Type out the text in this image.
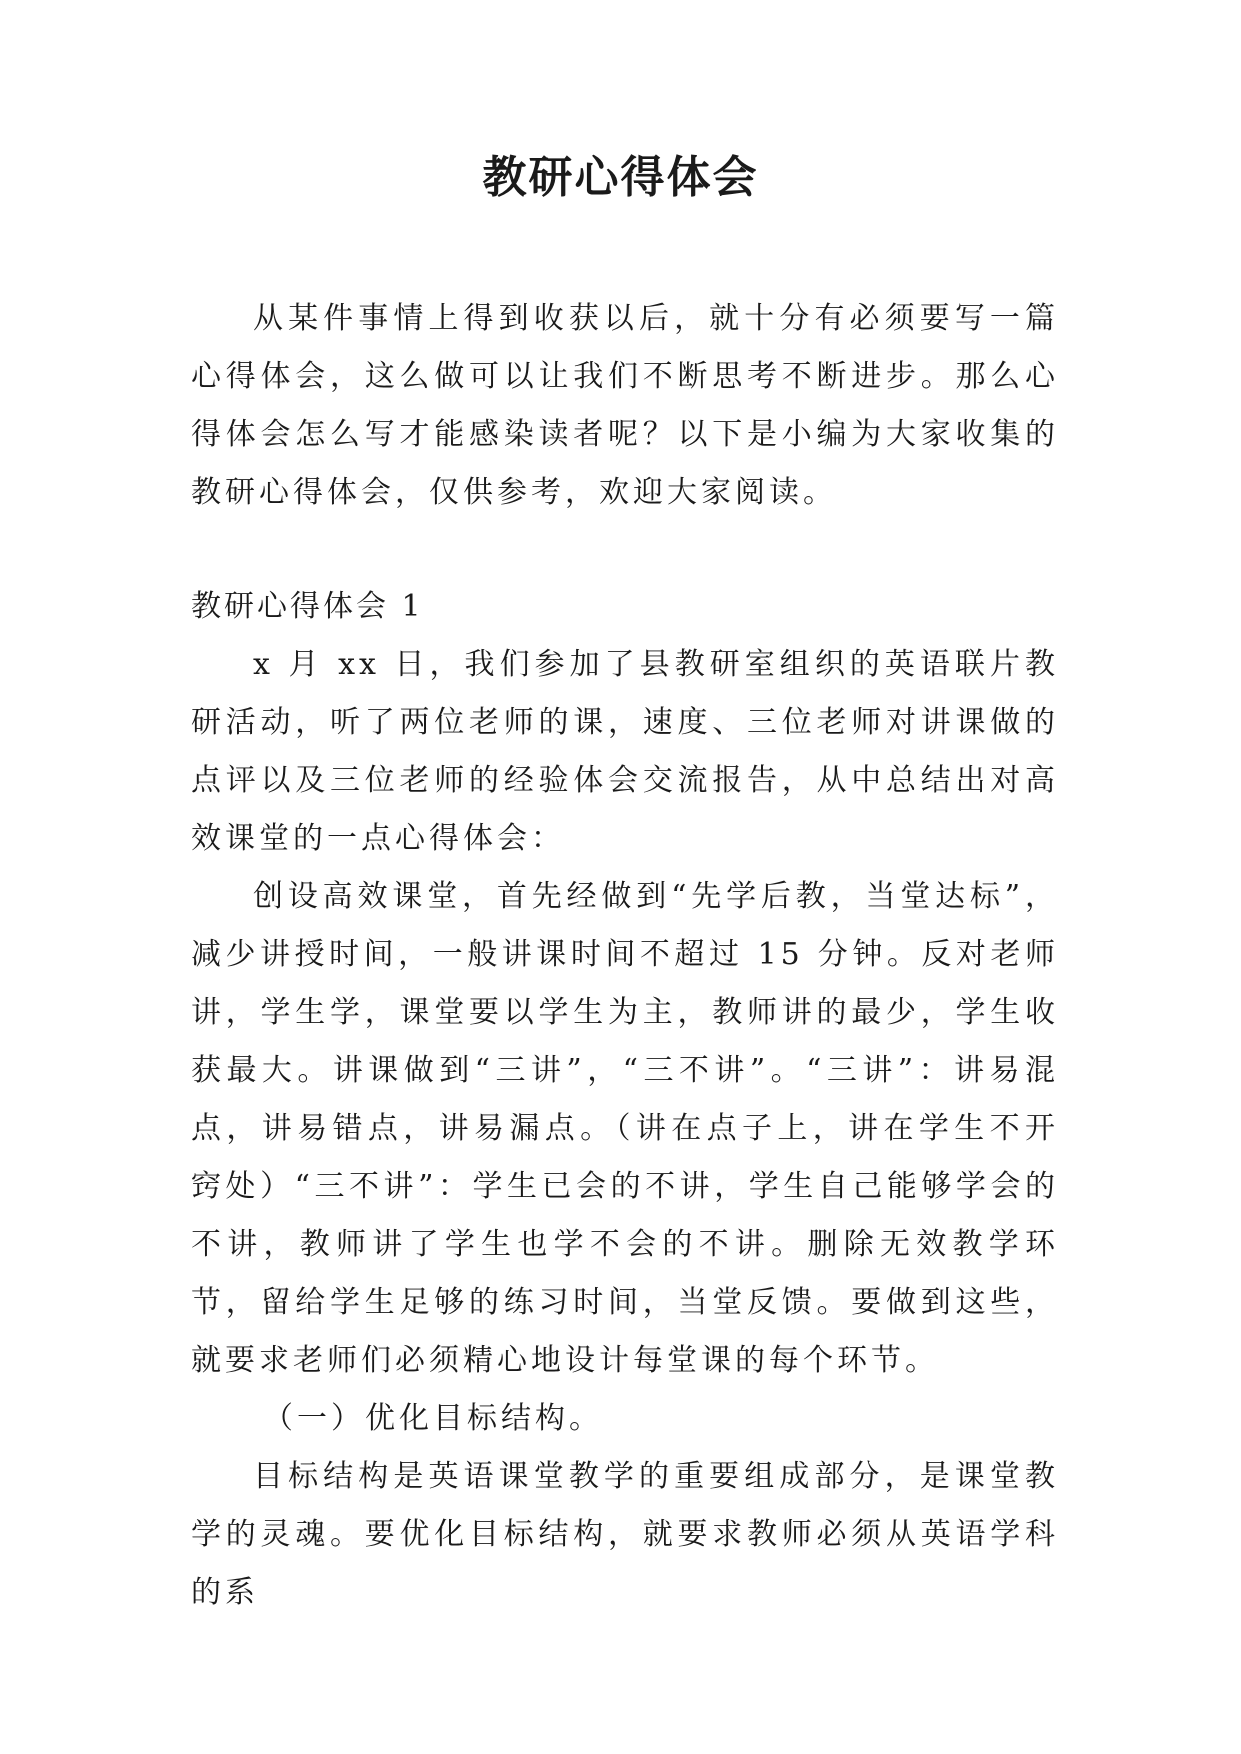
教研心得体会

从某件事情上得到收获以后，就十分有必须要写一篇心得体会，这么做可以让我们不断思考不断进步。那么心得体会怎么写才能感染读者呢？以下是小编为大家收集的教研心得体会，仅供参考，欢迎大家阅读。

教研心得体会 1

x 月 xx 日，我们参加了县教研室组织的英语联片教研活动，听了两位老师的课，速度、三位老师对讲课做的点评以及三位老师的经验体会交流报告，从中总结出对高效课堂的一点心得体会：

创设高效课堂，首先经做到“先学后教，当堂达标”，减少讲授时间，一般讲课时间不超过 15 分钟。反对老师讲，学生学，课堂要以学生为主，教师讲的最少，学生收获最大。讲课做到“三讲”，“三不讲”。“三讲”：讲易混点，讲易错点，讲易漏点。（讲在点子上，讲在学生不开窍处）“三不讲”：学生已会的不讲，学生自己能够学会的不讲，教师讲了学生也学不会的不讲。删除无效教学环节，留给学生足够的练习时间，当堂反馈。要做到这些，就要求老师们必须精心地设计每堂课的每个环节。

（一）优化目标结构。

目标结构是英语课堂教学的重要组成部分，是课堂教学的灵魂。要优化目标结构，就要求教师必须从英语学科的系
